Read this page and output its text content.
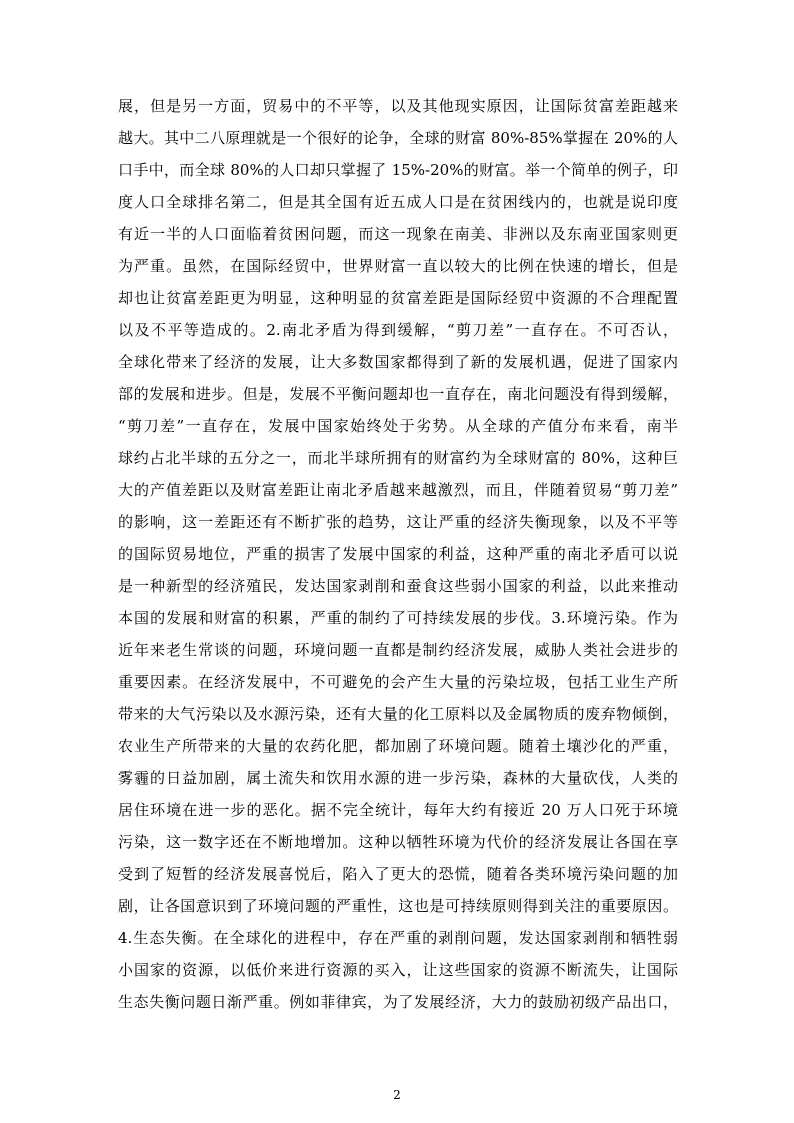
展，但是另一方面，贸易中的不平等，以及其他现实原因，让国际贫富差距越来
越大。其中二八原理就是一个很好的论争，全球的财富 80%-85%掌握在 20%的人
口手中，而全球 80%的人口却只掌握了 15%-20%的财富。举一个简单的例子，印
度人口全球排名第二，但是其全国有近五成人口是在贫困线内的，也就是说印度
有近一半的人口面临着贫困问题，而这一现象在南美、非洲以及东南亚国家则更
为严重。虽然，在国际经贸中，世界财富一直以较大的比例在快速的增长，但是
却也让贫富差距更为明显，这种明显的贫富差距是国际经贸中资源的不合理配置
以及不平等造成的。2.南北矛盾为得到缓解，“剪刀差”一直存在。不可否认，
全球化带来了经济的发展，让大多数国家都得到了新的发展机遇，促进了国家内
部的发展和进步。但是，发展不平衡问题却也一直存在，南北问题没有得到缓解，
“剪刀差”一直存在，发展中国家始终处于劣势。从全球的产值分布来看，南半
球约占北半球的五分之一，而北半球所拥有的财富约为全球财富的 80%，这种巨
大的产值差距以及财富差距让南北矛盾越来越激烈，而且，伴随着贸易“剪刀差”
的影响，这一差距还有不断扩张的趋势，这让严重的经济失衡现象，以及不平等
的国际贸易地位，严重的损害了发展中国家的利益，这种严重的南北矛盾可以说
是一种新型的经济殖民，发达国家剥削和蚕食这些弱小国家的利益，以此来推动
本国的发展和财富的积累，严重的制约了可持续发展的步伐。3.环境污染。作为
近年来老生常谈的问题，环境问题一直都是制约经济发展，威胁人类社会进步的
重要因素。在经济发展中，不可避免的会产生大量的污染垃圾，包括工业生产所
带来的大气污染以及水源污染，还有大量的化工原料以及金属物质的废弃物倾倒，
农业生产所带来的大量的农药化肥，都加剧了环境问题。随着土壤沙化的严重，
雾霾的日益加剧，属土流失和饮用水源的进一步污染，森林的大量砍伐，人类的
居住环境在进一步的恶化。据不完全统计，每年大约有接近 20 万人口死于环境
污染，这一数字还在不断地增加。这种以牺牲环境为代价的经济发展让各国在享
受到了短暂的经济发展喜悦后，陷入了更大的恐慌，随着各类环境污染问题的加
剧，让各国意识到了环境问题的严重性，这也是可持续原则得到关注的重要原因。
4.生态失衡。在全球化的进程中，存在严重的剥削问题，发达国家剥削和牺牲弱
小国家的资源，以低价来进行资源的买入，让这些国家的资源不断流失，让国际
生态失衡问题日渐严重。例如菲律宾，为了发展经济，大力的鼓励初级产品出口，
2
